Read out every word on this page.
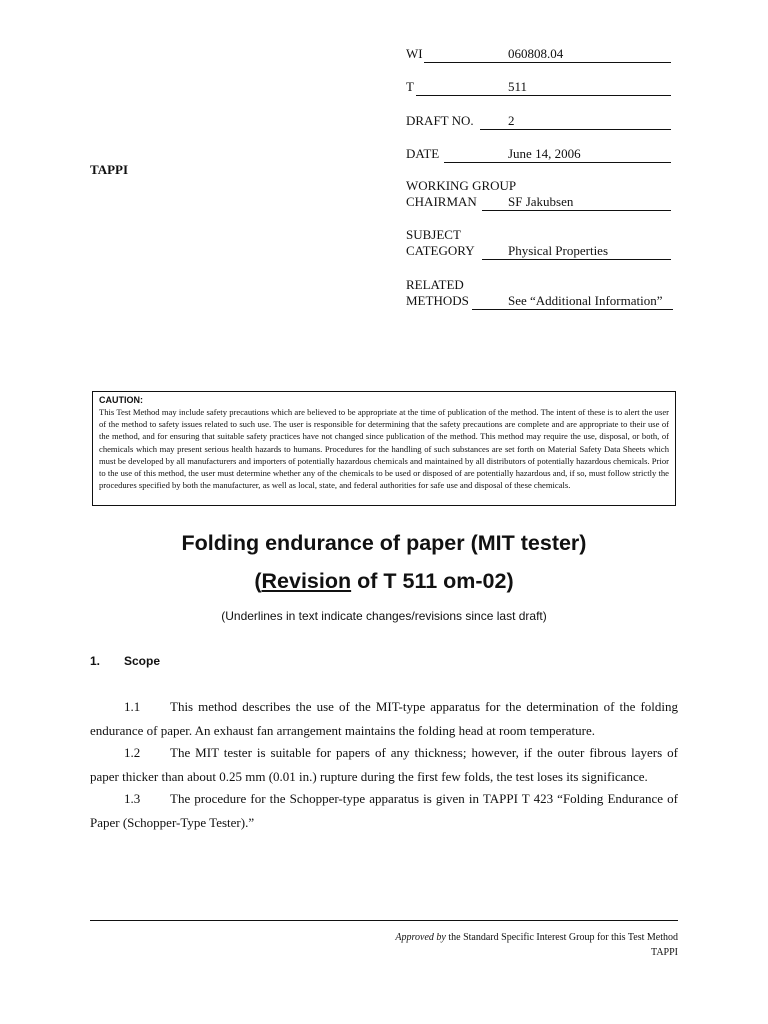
TAPPI
WI	060808.04
T	511
DRAFT NO.	2
DATE	June 14, 2006
WORKING GROUP
CHAIRMAN SF Jakubsen
SUBJECT
CATEGORY	Physical Properties
RELATED
METHODS	See “Additional Information”
CAUTION:
This Test Method may include safety precautions which are believed to be appropriate at the time of publication of the method. The intent of these is to alert the user of the method to safety issues related to such use. The user is responsible for determining that the safety precautions are complete and are appropriate to their use of the method, and for ensuring that suitable safety practices have not changed since publication of the method. This method may require the use, disposal, or both, of chemicals which may present serious health hazards to humans. Procedures for the handling of such substances are set forth on Material Safety Data Sheets which must be developed by all manufacturers and importers of potentially hazardous chemicals and maintained by all distributors of potentially hazardous chemicals. Prior to the use of this method, the user must determine whether any of the chemicals to be used or disposed of are potentially hazardous and, if so, must follow strictly the procedures specified by both the manufacturer, as well as local, state, and federal authorities for safe use and disposal of these chemicals.
Folding endurance of paper (MIT tester)
(Revision of T 511 om-02)
(Underlines in text indicate changes/revisions since last draft)
1. Scope
1.1 This method describes the use of the MIT-type apparatus for the determination of the folding endurance of paper. An exhaust fan arrangement maintains the folding head at room temperature.
1.2 The MIT tester is suitable for papers of any thickness; however, if the outer fibrous layers of paper thicker than about 0.25 mm (0.01 in.) rupture during the first few folds, the test loses its significance.
1.3 The procedure for the Schopper-type apparatus is given in TAPPI T 423 “Folding Endurance of Paper (Schopper-Type Tester).”
Approved by the Standard Specific Interest Group for this Test Method
TAPPI
